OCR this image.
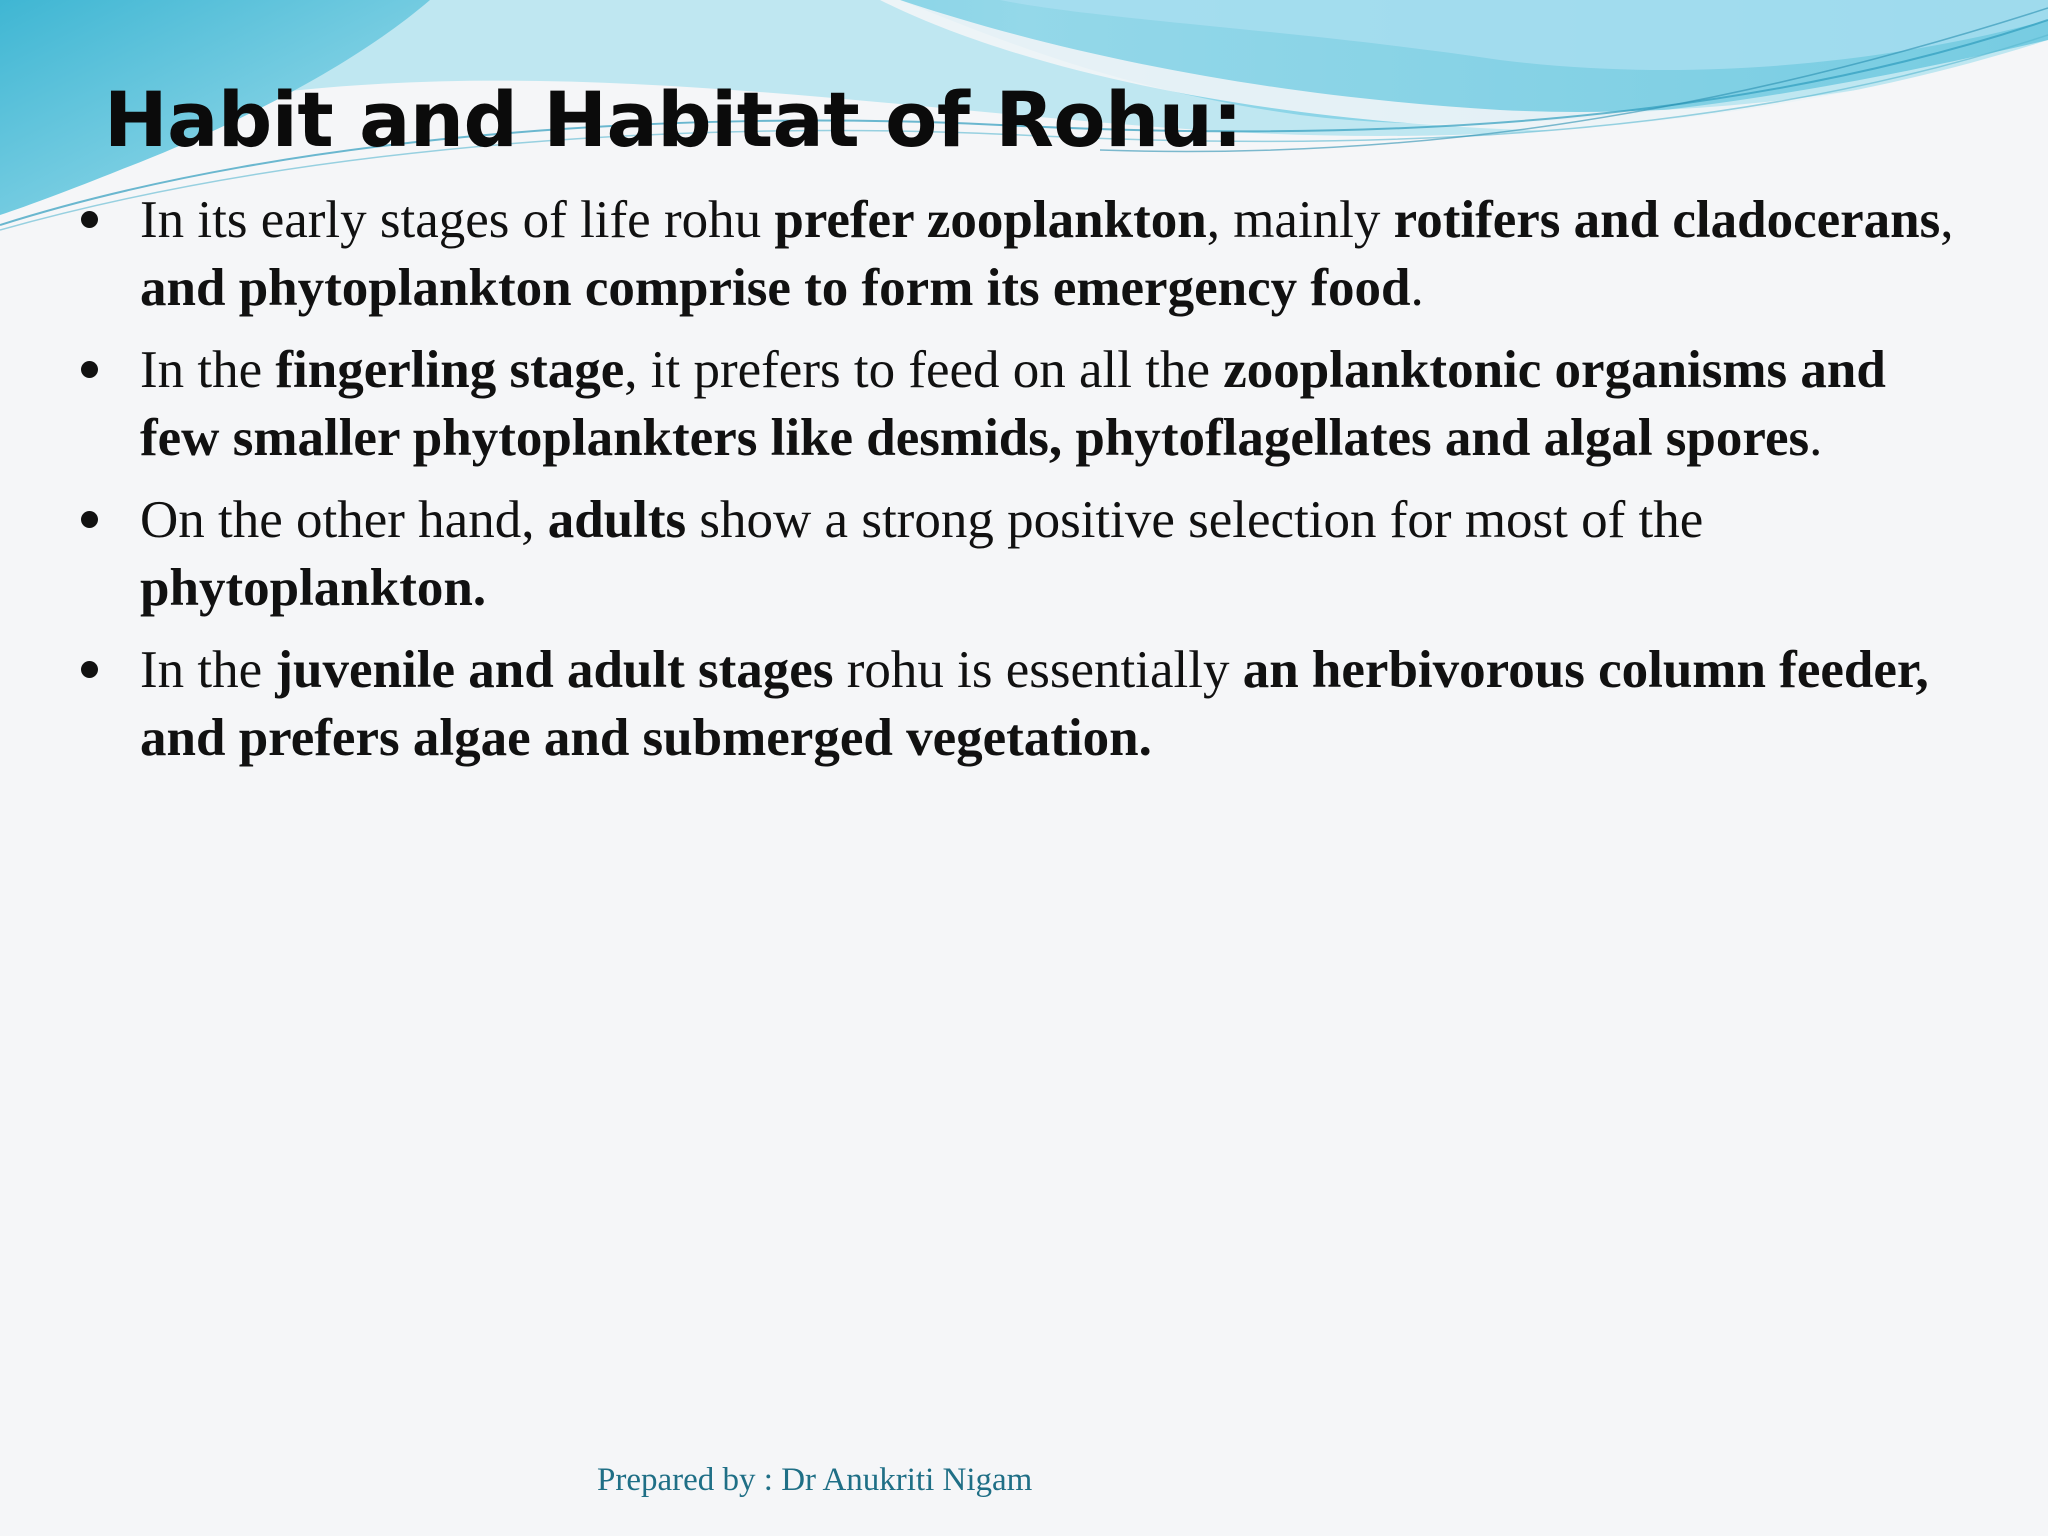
Habit and Habitat of Rohu:
In its early stages of life rohu prefer zooplankton, mainly rotifers and cladocerans, and phytoplankton comprise to form its emergency food.
In the fingerling stage, it prefers to feed on all the zooplanktonic organisms and few smaller phytoplankters like desmids, phytoflagellates and algal spores.
On the other hand, adults show a strong positive selection for most of the phytoplankton.
In the juvenile and adult stages rohu is essentially an herbivorous column feeder, and prefers algae and submerged vegetation.
Prepared by : Dr Anukriti Nigam
